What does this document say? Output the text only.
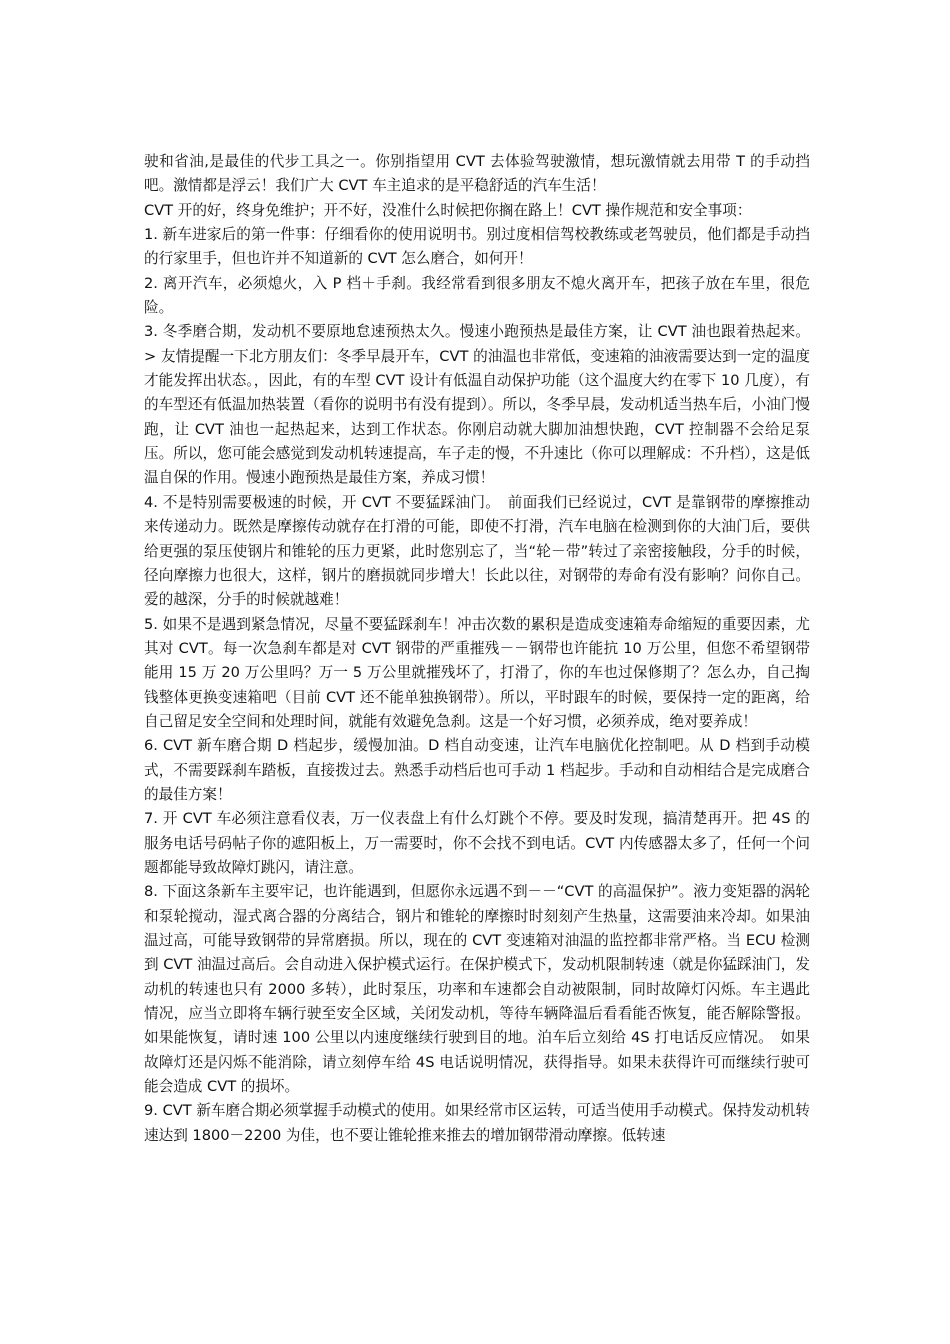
驶和省油,是最佳的代步工具之一。你别指望用 CVT 去体验驾驶激情，想玩激情就去用带 T 的手动挡吧。激情都是浮云！我们广大 CVT 车主追求的是平稳舒适的汽车生活！

CVT 开的好，终身免维护；开不好，没准什么时候把你搁在路上！CVT 操作规范和安全事项：

1. 新车进家后的第一件事：仔细看你的使用说明书。别过度相信驾校教练或老驾驶员，他们都是手动挡的行家里手，但也许并不知道新的 CVT 怎么磨合，如何开！

2. 离开汽车，必须熄火，入 P 档＋手刹。我经常看到很多朋友不熄火离开车，把孩子放在车里，很危险。

3. 冬季磨合期，发动机不要原地怠速预热太久。慢速小跑预热是最佳方案，让 CVT 油也跟着热起来。> 友情提醒一下北方朋友们：冬季早晨开车，CVT 的油温也非常低，变速箱的油液需要达到一定的温度才能发挥出状态。，因此，有的车型 CVT 设计有低温自动保护功能（这个温度大约在零下 10 几度），有的车型还有低温加热装置（看你的说明书有没有提到）。所以，冬季早晨，发动机适当热车后，小油门慢跑，让 CVT 油也一起热起来，达到工作状态。你刚启动就大脚加油想快跑，CVT 控制器不会给足泵压。所以，您可能会感觉到发动机转速提高，车子走的慢，不升速比（你可以理解成：不升档），这是低温自保的作用。慢速小跑预热是最佳方案，养成习惯！

4. 不是特别需要极速的时候，开 CVT 不要猛踩油门。　前面我们已经说过，CVT 是靠钢带的摩擦推动来传递动力。既然是摩擦传动就存在打滑的可能，即使不打滑，汽车电脑在检测到你的大油门后，要供给更强的泵压使钢片和锥轮的压力更紧，此时您别忘了，当“轮－带”转过了亲密接触段，分手的时候，径向摩擦力也很大，这样，钢片的磨损就同步增大！长此以往，对钢带的寿命有没有影响？问你自己。爱的越深，分手的时候就越难！

5. 如果不是遇到紧急情况，尽量不要猛踩刹车！冲击次数的累积是造成变速箱寿命缩短的重要因素，尤其对 CVT。每一次急刹车都是对 CVT 钢带的严重摧残－－钢带也许能抗 10 万公里，但您不希望钢带能用 15 万 20 万公里吗？万一 5 万公里就摧残坏了，打滑了，你的车也过保修期了？怎么办，自己掏钱整体更换变速箱吧（目前 CVT 还不能单独换钢带）。所以，平时跟车的时候，要保持一定的距离，给自己留足安全空间和处理时间，就能有效避免急刹。这是一个好习惯，必须养成，绝对要养成！

6. CVT 新车磨合期 D 档起步，缓慢加油。D 档自动变速，让汽车电脑优化控制吧。从 D 档到手动模式，不需要踩刹车踏板，直接拨过去。熟悉手动档后也可手动 1 档起步。手动和自动相结合是完成磨合的最佳方案！

7. 开 CVT 车必须注意看仪表，万一仪表盘上有什么灯跳个不停。要及时发现，搞清楚再开。把 4S 的服务电话号码帖子你的遮阳板上，万一需要时，你不会找不到电话。CVT 内传感器太多了，任何一个问题都能导致故障灯跳闪，请注意。

8. 下面这条新车主要牢记，也许能遇到，但愿你永远遇不到－－“CVT 的高温保护”。液力变矩器的涡轮和泵轮搅动，湿式离合器的分离结合，钢片和锥轮的摩擦时时刻刻产生热量，这需要油来冷却。如果油温过高，可能导致钢带的异常磨损。所以，现在的 CVT 变速箱对油温的监控都非常严格。当 ECU 检测到 CVT 油温过高后。会自动进入保护模式运行。在保护模式下，发动机限制转速（就是你猛踩油门，发动机的转速也只有 2000 多转），此时泵压，功率和车速都会自动被限制，同时故障灯闪烁。车主遇此情况，应当立即将车辆行驶至安全区域，关闭发动机，等待车辆降温后看看能否恢复，能否解除警报。如果能恢复，请时速 100 公里以内速度继续行驶到目的地。泊车后立刻给 4S 打电话反应情况。　如果故障灯还是闪烁不能消除，请立刻停车给 4S 电话说明情况，获得指导。如果未获得许可而继续行驶可能会造成 CVT 的损坏。

9. CVT 新车磨合期必须掌握手动模式的使用。如果经常市区运转，可适当使用手动模式。保持发动机转速达到 1800－2200 为佳，也不要让锥轮推来推去的增加钢带滑动摩擦。低转速
